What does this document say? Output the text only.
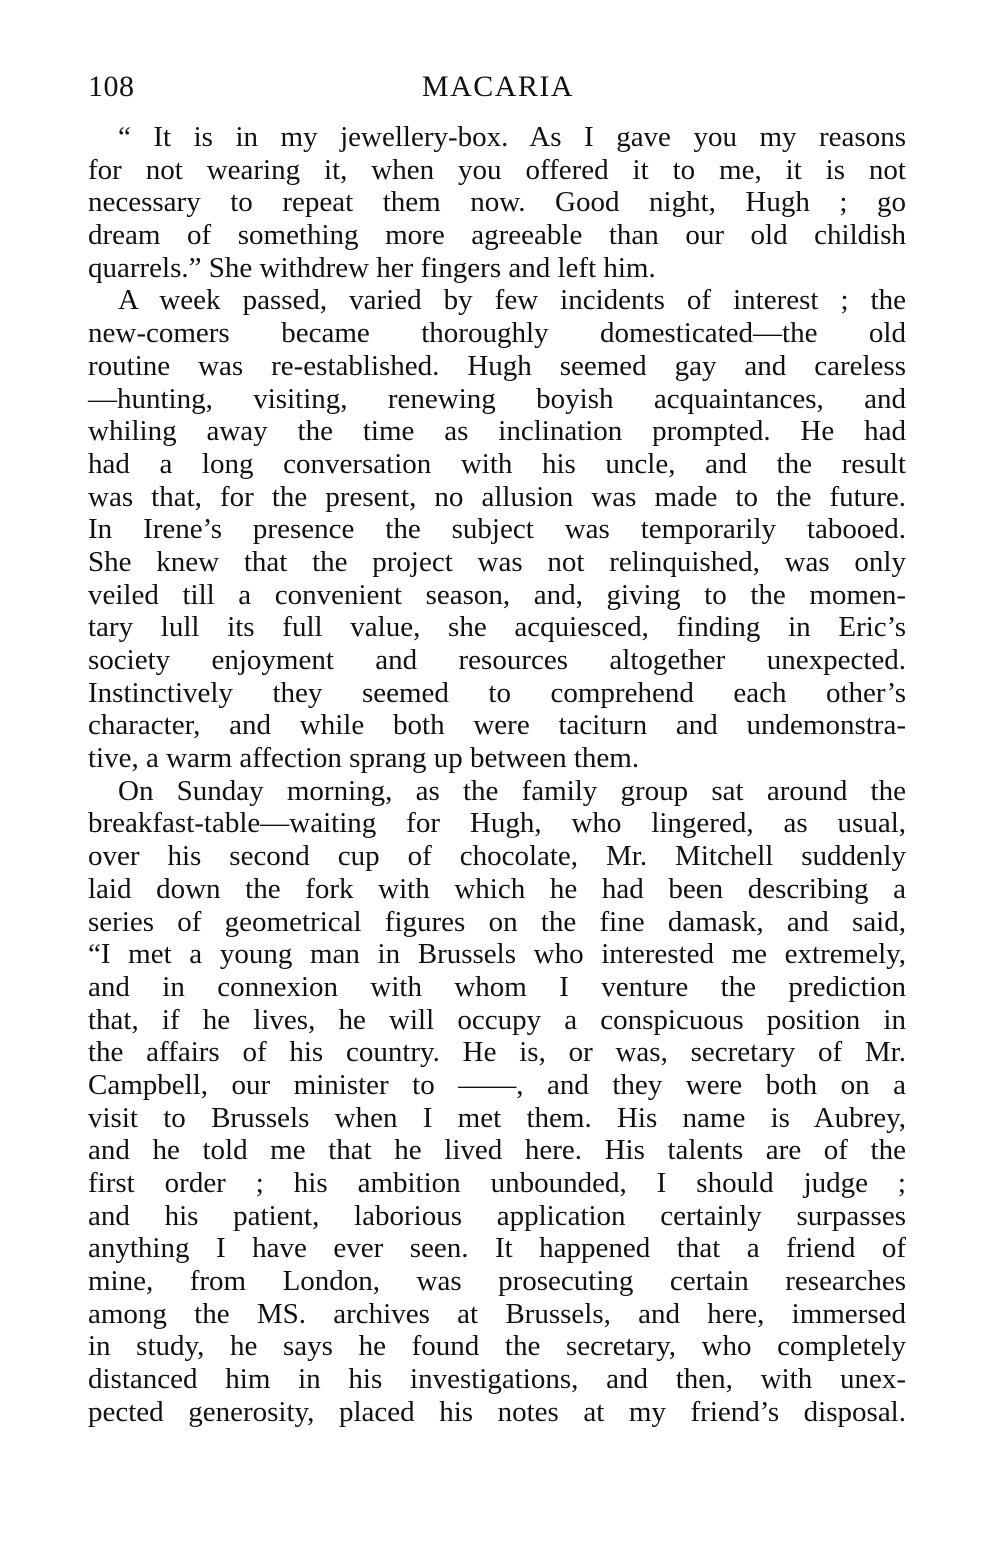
108	MACARIA
“ It is in my jewellery-box. As I gave you my reasons
for not wearing it, when you offered it to me, it is not
necessary to repeat them now. Good night, Hugh ; go
dream of something more agreeable than our old childish
quarrels.” She withdrew her fingers and left him.
A week passed, varied by few incidents of interest ; the
new-comers became thoroughly domesticated—the old
routine was re-established. Hugh seemed gay and careless
—hunting, visiting, renewing boyish acquaintances, and
whiling away the time as inclination prompted. He had
had a long conversation with his uncle, and the result
was that, for the present, no allusion was made to the future.
In Irene’s presence the subject was temporarily tabooed.
She knew that the project was not relinquished, was only
veiled till a convenient season, and, giving to the momen-
tary lull its full value, she acquiesced, finding in Eric’s
society enjoyment and resources altogether unexpected.
Instinctively they seemed to comprehend each other’s
character, and while both were taciturn and undemonstra-
tive, a warm affection sprang up between them.
On Sunday morning, as the family group sat around the
breakfast-table—waiting for Hugh, who lingered, as usual,
over his second cup of chocolate, Mr. Mitchell suddenly
laid down the fork with which he had been describing a
series of geometrical figures on the fine damask, and said,
“I met a young man in Brussels who interested me extremely,
and in connexion with whom I venture the prediction
that, if he lives, he will occupy a conspicuous position in
the affairs of his country. He is, or was, secretary of Mr.
Campbell, our minister to ——, and they were both on a
visit to Brussels when I met them. His name is Aubrey,
and he told me that he lived here. His talents are of the
first order ; his ambition unbounded, I should judge ;
and his patient, laborious application certainly surpasses
anything I have ever seen. It happened that a friend of
mine, from London, was prosecuting certain researches
among the MS. archives at Brussels, and here, immersed
in study, he says he found the secretary, who completely
distanced him in his investigations, and then, with unex-
pected generosity, placed his notes at my friend’s disposal.
